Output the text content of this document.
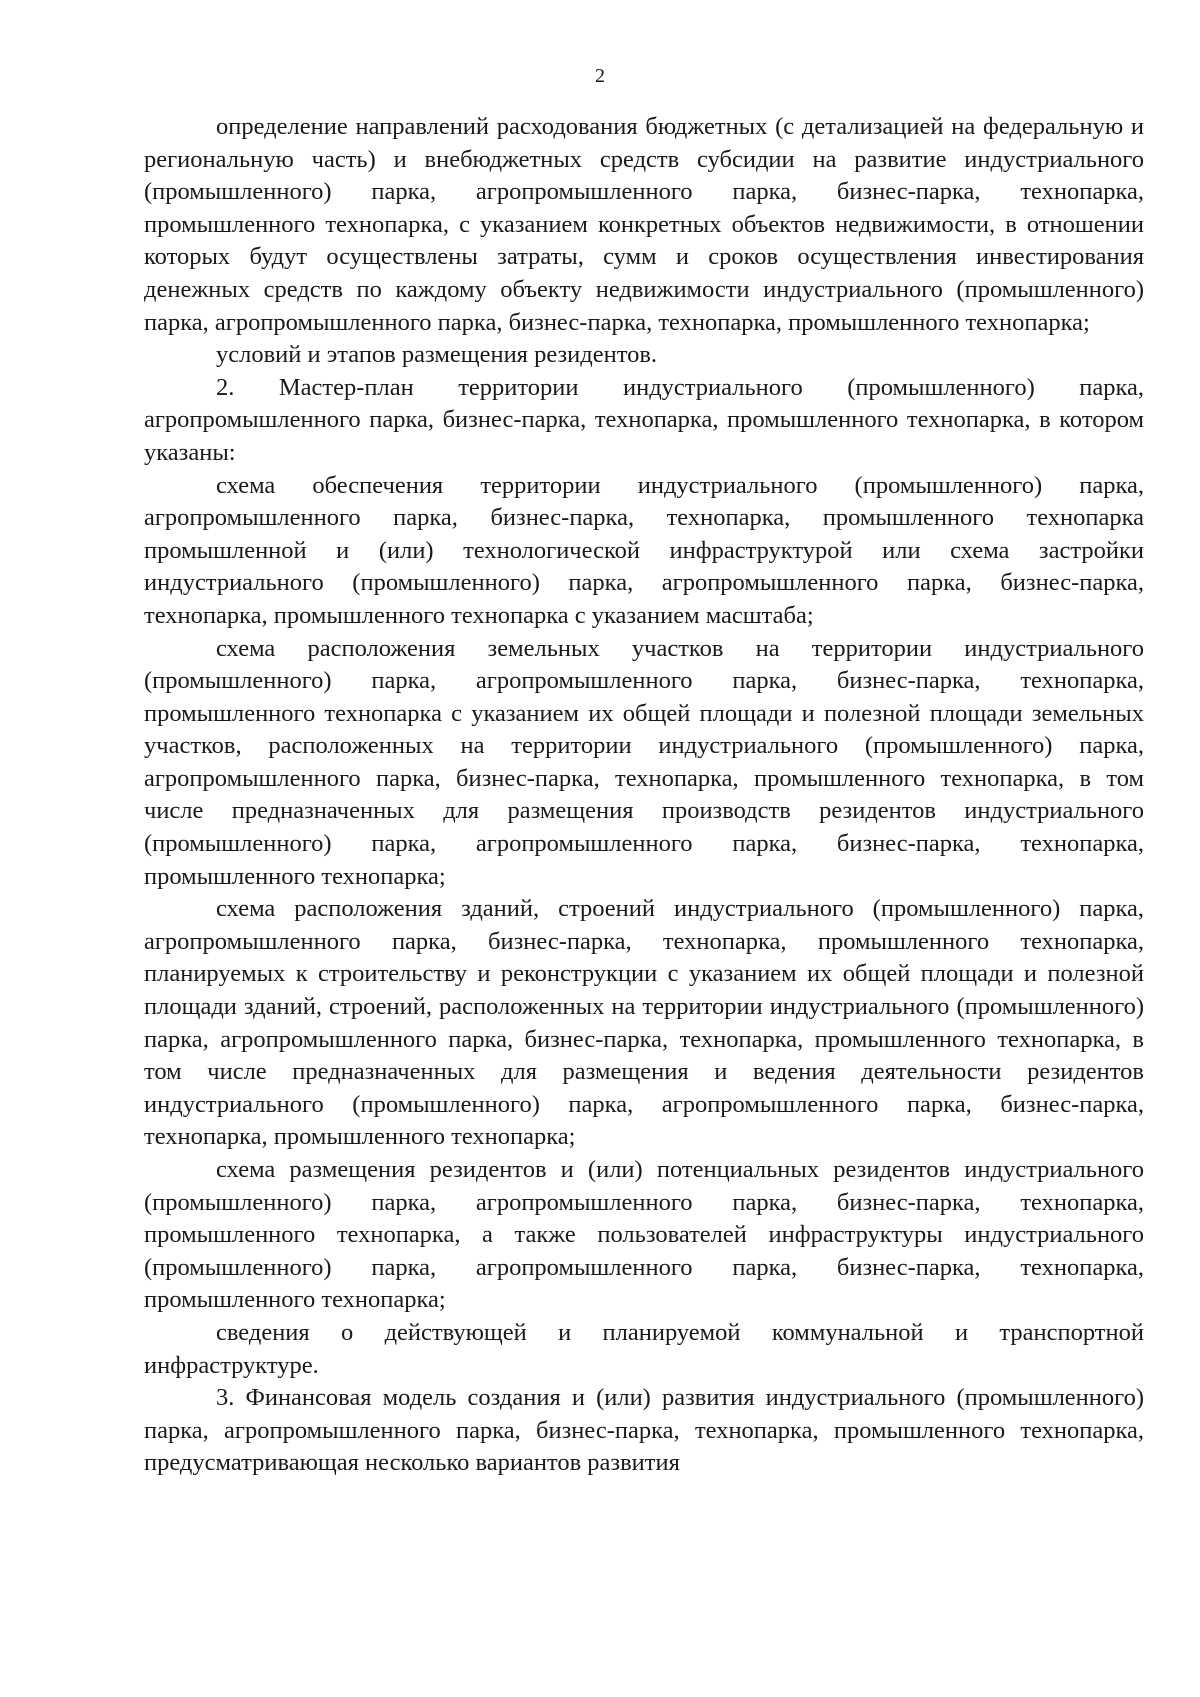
2

определение направлений расходования бюджетных (с детализацией на федеральную и региональную часть) и внебюджетных средств субсидии на развитие индустриального (промышленного) парка, агропромышленного парка, бизнес-парка, технопарка, промышленного технопарка, с указанием конкретных объектов недвижимости, в отношении которых будут осуществлены затраты, сумм и сроков осуществления инвестирования денежных средств по каждому объекту недвижимости индустриального (промышленного) парка, агропромышленного парка, бизнес-парка, технопарка, промышленного технопарка;

условий и этапов размещения резидентов.

2. Мастер-план территории индустриального (промышленного) парка, агропромышленного парка, бизнес-парка, технопарка, промышленного технопарка, в котором указаны:

схема обеспечения территории индустриального (промышленного) парка, агропромышленного парка, бизнес-парка, технопарка, промышленного технопарка промышленной и (или) технологической инфраструктурой или схема застройки индустриального (промышленного) парка, агропромышленного парка, бизнес-парка, технопарка, промышленного технопарка с указанием масштаба;

схема расположения земельных участков на территории индустриального (промышленного) парка, агропромышленного парка, бизнес-парка, технопарка, промышленного технопарка с указанием их общей площади и полезной площади земельных участков, расположенных на территории индустриального (промышленного) парка, агропромышленного парка, бизнес-парка, технопарка, промышленного технопарка, в том числе предназначенных для размещения производств резидентов индустриального (промышленного) парка, агропромышленного парка, бизнес-парка, технопарка, промышленного технопарка;

схема расположения зданий, строений индустриального (промышленного) парка, агропромышленного парка, бизнес-парка, технопарка, промышленного технопарка, планируемых к строительству и реконструкции с указанием их общей площади и полезной площади зданий, строений, расположенных на территории индустриального (промышленного) парка, агропромышленного парка, бизнес-парка, технопарка, промышленного технопарка, в том числе предназначенных для размещения и ведения деятельности резидентов индустриального (промышленного) парка, агропромышленного парка, бизнес-парка, технопарка, промышленного технопарка;

схема размещения резидентов и (или) потенциальных резидентов индустриального (промышленного) парка, агропромышленного парка, бизнес-парка, технопарка, промышленного технопарка, а также пользователей инфраструктуры индустриального (промышленного) парка, агропромышленного парка, бизнес-парка, технопарка, промышленного технопарка;

сведения о действующей и планируемой коммунальной и транспортной инфраструктуре.

3. Финансовая модель создания и (или) развития индустриального (промышленного) парка, агропромышленного парка, бизнес-парка, технопарка, промышленного технопарка, предусматривающая несколько вариантов развития
